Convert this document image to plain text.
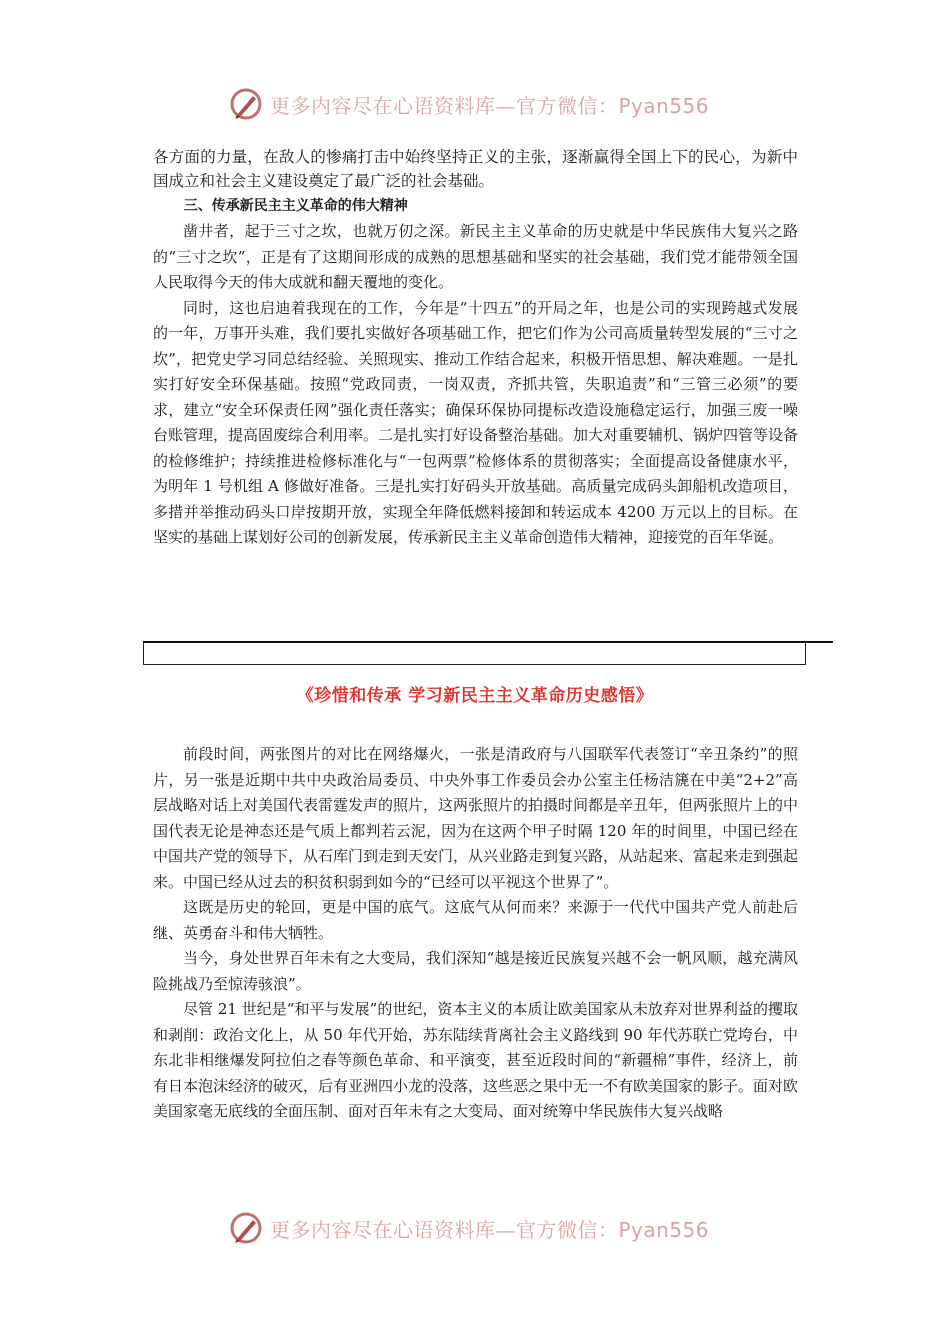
更多内容尽在心语资料库—官方微信：Pyan556

各方面的力量，在敌人的惨痛打击中始终坚持正义的主张，逐渐赢得全国上下的民心，为新中国成立和社会主义建设奠定了最广泛的社会基础。

三、传承新民主主义革命的伟大精神

凿井者，起于三寸之坎，也就万仞之深。新民主主义革命的历史就是中华民族伟大复兴之路的“三寸之坎”，正是有了这期间形成的成熟的思想基础和坚实的社会基础，我们党才能带领全国人民取得今天的伟大成就和翻天覆地的变化。

同时，这也启迪着我现在的工作，今年是“十四五”的开局之年，也是公司的实现跨越式发展的一年，万事开头难，我们要扎实做好各项基础工作，把它们作为公司高质量转型发展的“三寸之坎”，把党史学习同总结经验、关照现实、推动工作结合起来，积极开悟思想、解决难题。一是扎实打好安全环保基础。按照“党政同责，一岗双责，齐抓共管，失职追责”和“三管三必须”的要求，建立“安全环保责任网”强化责任落实；确保环保协同提标改造设施稳定运行，加强三废一噪台账管理，提高固废综合利用率。二是扎实打好设备整治基础。加大对重要辅机、锅炉四管等设备的检修维护；持续推进检修标准化与“一包两票”检修体系的贯彻落实；全面提高设备健康水平，为明年 1 号机组 A 修做好准备。三是扎实打好码头开放基础。高质量完成码头卸船机改造项目，多措并举推动码头口岸按期开放，实现全年降低燃料接卸和转运成本 4200 万元以上的目标。在坚实的基础上谋划好公司的创新发展，传承新民主主义革命创造伟大精神，迎接党的百年华诞。

《珍惜和传承 学习新民主主义革命历史感悟》

前段时间，两张图片的对比在网络爆火，一张是清政府与八国联军代表签订“辛丑条约”的照片，另一张是近期中共中央政治局委员、中央外事工作委员会办公室主任杨洁篪在中美“2+2”高层战略对话上对美国代表雷霆发声的照片，这两张照片的拍摄时间都是辛丑年，但两张照片上的中国代表无论是神态还是气质上都判若云泥，因为在这两个甲子时隔 120 年的时间里，中国已经在中国共产党的领导下，从石库门到走到天安门，从兴业路走到复兴路，从站起来、富起来走到强起来。中国已经从过去的积贫积弱到如今的“已经可以平视这个世界了”。

这既是历史的轮回，更是中国的底气。这底气从何而来？来源于一代代中国共产党人前赴后继、英勇奋斗和伟大牺牲。

当今，身处世界百年未有之大变局，我们深知“越是接近民族复兴越不会一帆风顺，越充满风险挑战乃至惊涛骇浪”。

尽管 21 世纪是“和平与发展”的世纪，资本主义的本质让欧美国家从未放弃对世界利益的攫取和剥削：政治文化上，从 50 年代开始，苏东陆续背离社会主义路线到 90 年代苏联亡党垮台，中东北非相继爆发阿拉伯之春等颜色革命、和平演变，甚至近段时间的“新疆棉”事件，经济上，前有日本泡沫经济的破灭，后有亚洲四小龙的没落，这些恶之果中无一不有欧美国家的影子。面对欧美国家毫无底线的全面压制、面对百年未有之大变局、面对统筹中华民族伟大复兴战略

更多内容尽在心语资料库—官方微信：Pyan556
